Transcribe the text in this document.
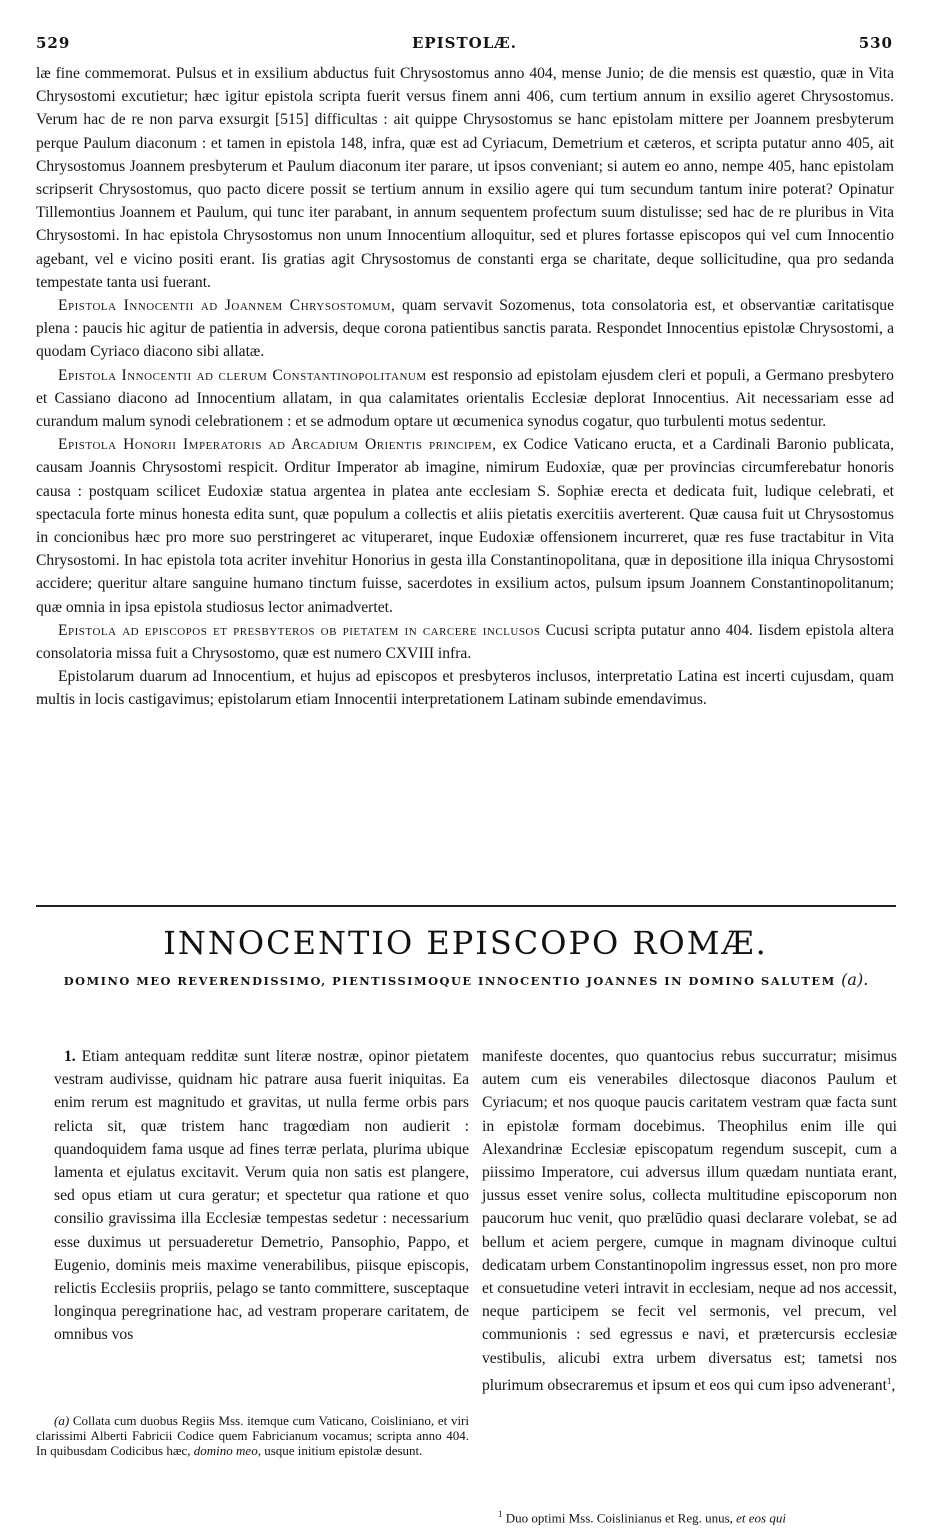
529	EPISTOLÆ.	530

læ fine commemorat. Pulsus et in exsilium abductus fuit Chrysostomus anno 404, mense Junio; de die mensis est quæstio, quæ in Vita Chrysostomi excutietur; hæc igitur epistola scripta fuerit versus finem anni 406, cum tertium annum in exsilio ageret Chrysostomus. Verum hac de re non parva exsurgit [515] difficultas : ait quippe Chrysostomus se hanc epistolam mittere per Joannem presbyterum perque Paulum diaconum : et tamen in epistola 148, infra, quæ est ad Cyriacum, Demetrium et cæteros, et scripta putatur anno 405, ait Chrysostomus Joannem presbyterum et Paulum diaconum iter parare, ut ipsos conveniant; si autem eo anno, nempe 405, hanc epistolam scripserit Chrysostomus, quo pacto dicere possit se tertium annum in exsilio agere qui tum secundum tantum inire poterat? Opinatur Tillemontius Joannem et Paulum, qui tunc iter parabant, in annum sequentem profectum suum distulisse; sed hac de re pluribus in Vita Chrysostomi. In hac epistola Chrysostomus non unum Innocentium alloquitur, sed et plures fortasse episcopos qui vel cum Innocentio agebant, vel e vicino positi erant. Iis gratias agit Chrysostomus de constanti erga se charitate, deque sollicitudine, qua pro sedanda tempestate tanta usi fuerant.

Epistola Innocentii ad Joannem Chrysostomum, quam servavit Sozomenus, tota consolatoria est, et observantiæ caritatisque plena : paucis hic agitur de patientia in adversis, deque corona patientibus sanctis parata. Respondet Innocentius epistolæ Chrysostomi, a quodam Cyriaco diacono sibi allatæ.

Epistola Innocentii ad clerum Constantinopolitanum est responsio ad epistolam ejusdem cleri et populi, a Germano presbytero et Cassiano diacono ad Innocentium allatam, in qua calamitates orientalis Ecclesiæ deplorat Innocentius. Ait necessariam esse ad curandum malum synodi celebrationem : et se admodum optare ut œcumenica synodus cogatur, quo turbulenti motus sedentur.

Epistola Honorii Imperatoris ad Arcadium Orientis principem, ex Codice Vaticano eructa, et a Cardinali Baronio publicata, causam Joannis Chrysostomi respicit. Orditur Imperator ab imagine, nimirum Eudoxiæ, quæ per provincias circumferebatur honoris causa : postquam scilicet Eudoxiæ statua argentea in platea ante ecclesiam S. Sophiæ erecta et dedicata fuit, ludique celebrati, et spectacula forte minus honesta edita sunt, quæ populum a collectis et aliis pietatis exercitiis averterent. Quæ causa fuit ut Chrysostomus in concionibus hæc pro more suo perstringeret ac vituperaret, inque Eudoxiæ offensionem incurreret, quæ res fuse tractabitur in Vita Chrysostomi. In hac epistola tota acriter invehitur Honorius in gesta illa Constantinopolitana, quæ in depositione illa iniqua Chrysostomi accidere; queritur altare sanguine humano tinctum fuisse, sacerdotes in exsilium actos, pulsum ipsum Joannem Constantinopolitanum; quæ omnia in ipsa epistola studiosus lector animadvertet.

Epistola ad episcopos et presbyteros ob pietatem in carcere inclusos Cucusi scripta putatur anno 404. Iisdem epistola altera consolatoria missa fuit a Chrysostomo, quæ est numero CXVIII infra.

Epistolarum duarum ad Innocentium, et hujus ad episcopos et presbyteros inclusos, interpretatio Latina est incerti cujusdam, quam multis in locis castigavimus; epistolarum etiam Innocentii interpretationem Latinam subinde emendavimus.

INNOCENTIO EPISCOPO ROMÆ.
DOMINO MEO REVERENDISSIMO, PIENTISSIMOQUE INNOCENTIO JOANNES IN DOMINO SALUTEM (a).

1. Etiam antequam redditæ sunt literæ nostræ, opinor pietatem vestram audivisse, quidnam hic patrare ausa fuerit iniquitas. Ea enim rerum est magnitudo et gravitas, ut nulla ferme orbis pars relicta sit, quæ tristem hanc tragœdiam non audierit : quandoquidem fama usque ad fines terræ perlata, plurima ubique lamenta et ejulatus excitavit. Verum quia non satis est plangere, sed opus etiam ut cura geratur; et spectetur qua ratione et quo consilio gravissima illa Ecclesiæ tempestas sedetur : necessarium esse duximus ut persuaderetur Demetrio, Pansophio, Pappo, et Eugenio, dominis meis maxime venerabilibus, piisque episcopis, relictis Ecclesiis propriis, pelago se tanto committere, susceptaque longinqua peregrinatione hac, ad vestram properare caritatem, de omnibus vos

manifeste docentes, quo quantocius rebus succurratur; misimus autem cum eis venerabiles dilectosque diaconos Paulum et Cyriacum; et nos quoque paucis caritatem vestram quæ facta sunt in epistolæ formam docebimus. Theophilus enim ille qui Alexandrinæ Ecclesiæ episcopatum regendum suscepit, cum a piissimo Imperatore, cui adversus illum quædam nuntiata erant, jussus esset venire solus, collecta multitudine episcoporum non paucorum huc venit, quo prælūdio quasi declarare volebat, se ad bellum et aciem pergere, cumque in magnam divinoque cultui dedicatam urbem Constantinopolim ingressus esset, non pro more et consuetudine veteri intravit in ecclesiam, neque ad nos accessit, neque participem se fecit vel sermonis, vel precum, vel communionis : sed egressus e navi, et prætercursis ecclesiæ vestibulis, alicubi extra urbem diversatus est; tametsi nos plurimum obsecraremus et ipsum et eos qui cum ipso advenerant$^1$,

(a) Collata cum duobus Regiis Mss. itemque cum Vaticano, Coisliniano, et viri clarissimi Alberti Fabricii Codice quem Fabricianum vocamus; scripta anno 404. In quibusdam Codicibus hæc, domino meo, usque initium epistolæ desunt.

$^1$ Duo optimi Mss. Coislinianus et Reg. unus, et eos qui
